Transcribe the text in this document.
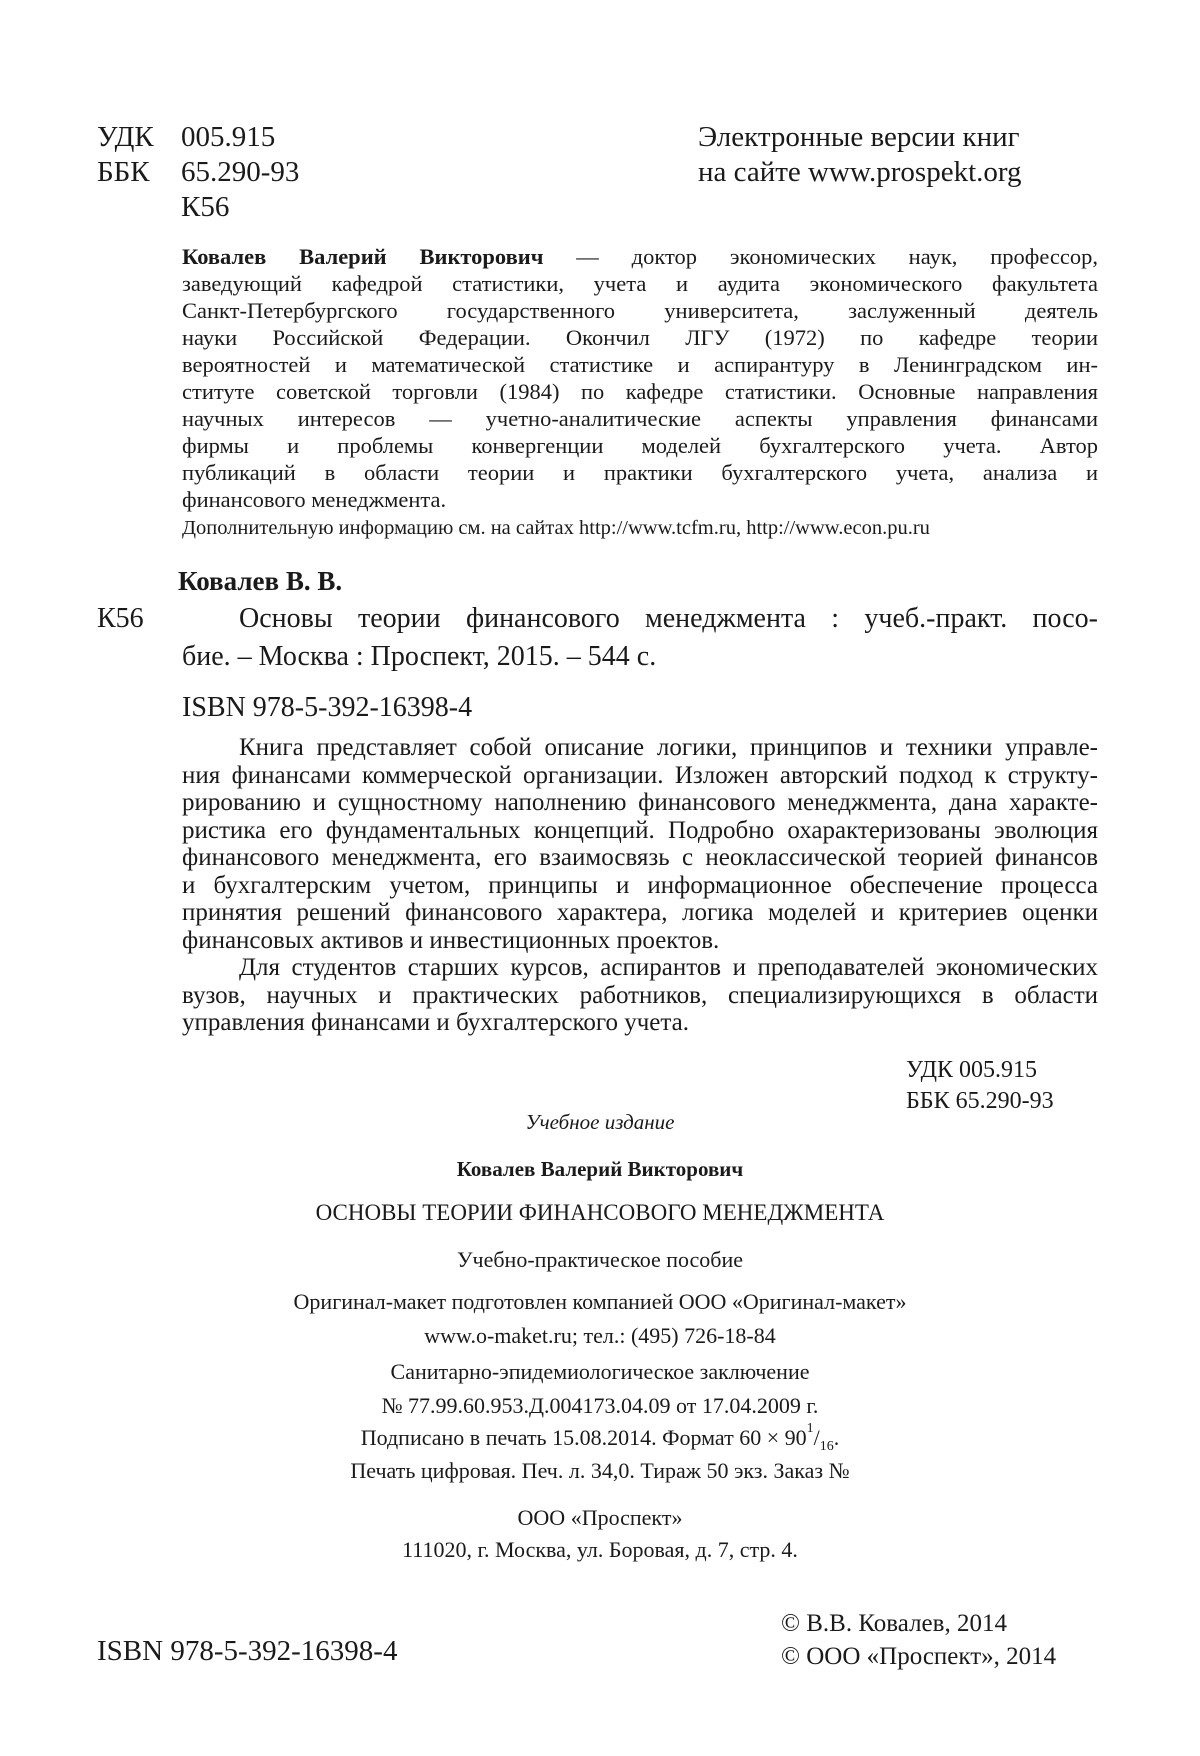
УДК 005.915
ББК 65.290-93
К56
Электронные версии книг
на сайте www.prospekt.org
Ковалев Валерий Викторович — доктор экономических наук, профессор,
заведующий кафедрой статистики, учета и аудита экономического факультета
Санкт-Петербургского государственного университета, заслуженный деятель
науки Российской Федерации. Окончил ЛГУ (1972) по кафедре теории
вероятностей и математической статистике и аспирантуру в Ленинградском ин-
ституте советской торговли (1984) по кафедре статистики. Основные направления
научных интересов — учетно-аналитические аспекты управления финансами
фирмы и проблемы конвергенции моделей бухгалтерского учета. Автор
публикаций в области теории и практики бухгалтерского учета, анализа и
финансового менеджмента.
Дополнительную информацию см. на сайтах http://www.tcfm.ru, http://www.econ.pu.ru
Ковалев В. В.
К56	Основы теории финансового менеджмента : учеб.-практ. посо-
бие. – Москва : Проспект, 2015. – 544 с.
ISBN 978-5-392-16398-4
Книга представляет собой описание логики, принципов и техники управле-
ния финансами коммерческой организации. Изложен авторский подход к структу-
рированию и сущностному наполнению финансового менеджмента, дана характе-
ристика его фундаментальных концепций. Подробно охарактеризованы эволюция
финансового менеджмента, его взаимосвязь с неоклассической теорией финансов
и бухгалтерским учетом, принципы и информационное обеспечение процесса
принятия решений финансового характера, логика моделей и критериев оценки
финансовых активов и инвестиционных проектов.
Для студентов старших курсов, аспирантов и преподавателей экономических
вузов, научных и практических работников, специализирующихся в области
управления финансами и бухгалтерского учета.
УДК 005.915
ББК 65.290-93
Учебное издание
Ковалев Валерий Викторович
ОСНОВЫ ТЕОРИИ ФИНАНСОВОГО МЕНЕДЖМЕНТА
Учебно-практическое пособие
Оригинал-макет подготовлен компанией ООО «Оригинал-макет»
www.o-maket.ru; тел.: (495) 726-18-84
Санитарно-эпидемиологическое заключение
№ 77.99.60.953.Д.004173.04.09 от 17.04.2009 г.
Подписано в печать 15.08.2014. Формат $60 \times 90^1/_{16}$.
Печать цифровая. Печ. л. 34,0. Тираж 50 экз. Заказ №
ООО «Проспект»
111020, г. Москва, ул. Боровая, д. 7, стр. 4.
ISBN 978-5-392-16398-4
© В.В. Ковалев, 2014
© ООО «Проспект», 2014
